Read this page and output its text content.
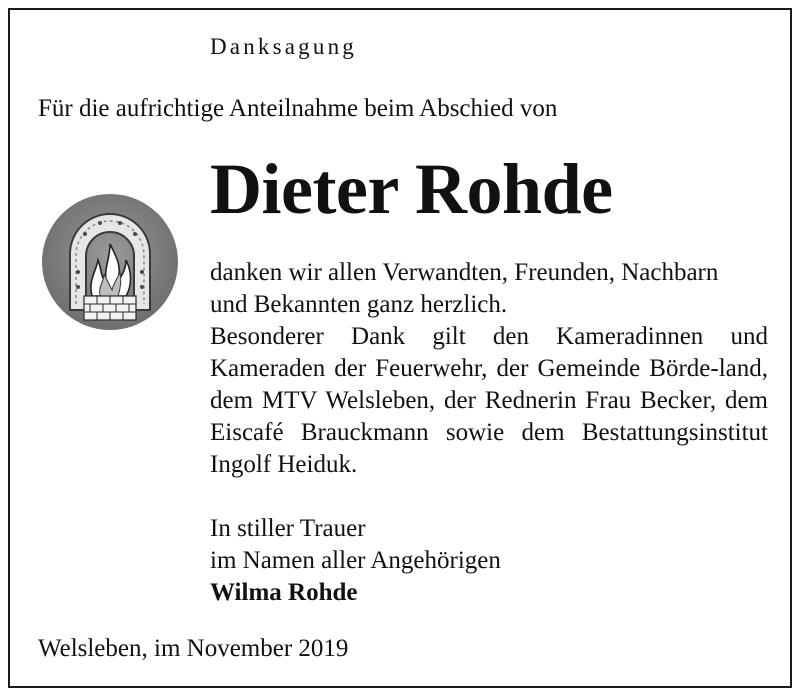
Danksagung
Für die aufrichtige Anteilnahme beim Abschied von
Dieter Rohde

danken wir allen Verwandten, Freunden, Nachbarn

und Bekannten ganz herzlich.

Besonderer Dank gilt den Kameradinnen und Kameraden der Feuerwehr, der Gemeinde Börde-land, dem MTV Welsleben, der Rednerin Frau Becker, dem Eiscafé Brauckmann sowie dem Bestattungsinstitut Ingolf Heiduk.

In stiller Trauer
im Namen aller Angehörigen
Wilma Rohde
Welsleben, im November 2019
